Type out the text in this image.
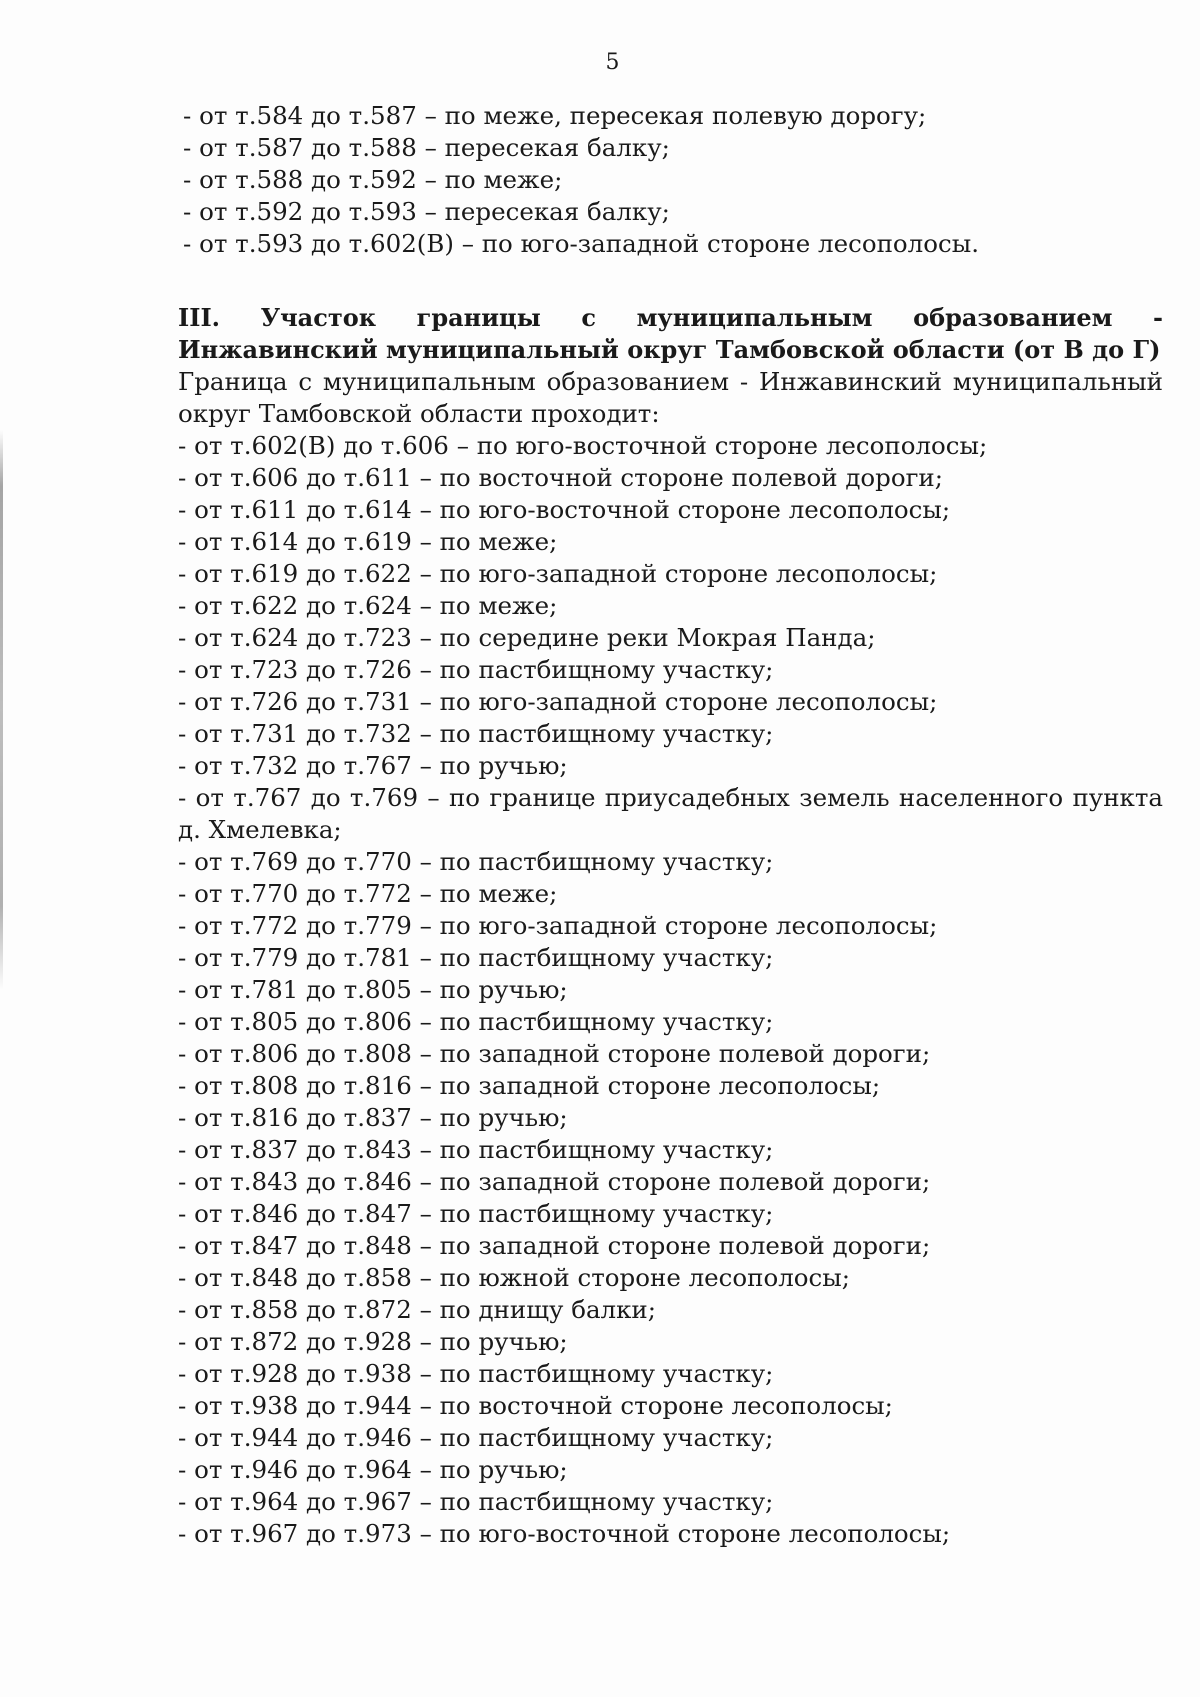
5
- от т.584 до т.587 – по меже, пересекая полевую дорогу;
- от т.587 до т.588 – пересекая балку;
- от т.588 до т.592 – по меже;
- от т.592 до т.593 – пересекая балку;
- от т.593 до т.602(В) – по юго-западной стороне лесополосы.
III. Участок границы с муниципальным образованием - Инжавинский муниципальный округ Тамбовской области (от В до Г)
Граница с муниципальным образованием - Инжавинский муниципальный округ Тамбовской области проходит:
- от т.602(В) до т.606 – по юго-восточной стороне лесополосы;
- от т.606 до т.611 – по восточной стороне полевой дороги;
- от т.611 до т.614 – по юго-восточной стороне лесополосы;
- от т.614 до т.619 – по меже;
- от т.619 до т.622 – по юго-западной стороне лесополосы;
- от т.622 до т.624 – по меже;
- от т.624 до т.723 – по середине реки Мокрая Панда;
- от т.723 до т.726 – по пастбищному участку;
- от т.726 до т.731 – по юго-западной стороне лесополосы;
- от т.731 до т.732 – по пастбищному участку;
- от т.732 до т.767 – по ручью;
- от т.767 до т.769 – по границе приусадебных земель населенного пункта д. Хмелевка;
- от т.769 до т.770 – по пастбищному участку;
- от т.770 до т.772 – по меже;
- от т.772 до т.779 – по юго-западной стороне лесополосы;
- от т.779 до т.781 – по пастбищному участку;
- от т.781 до т.805 – по ручью;
- от т.805 до т.806 – по пастбищному участку;
- от т.806 до т.808 – по западной стороне полевой дороги;
- от т.808 до т.816 – по западной стороне лесополосы;
- от т.816 до т.837 – по ручью;
- от т.837 до т.843 – по пастбищному участку;
- от т.843 до т.846 – по западной стороне полевой дороги;
- от т.846 до т.847 – по пастбищному участку;
- от т.847 до т.848 – по западной стороне полевой дороги;
- от т.848 до т.858 – по южной стороне лесополосы;
- от т.858 до т.872 – по днищу балки;
- от т.872 до т.928 – по ручью;
- от т.928 до т.938 – по пастбищному участку;
- от т.938 до т.944 – по восточной стороне лесополосы;
- от т.944 до т.946 – по пастбищному участку;
- от т.946 до т.964 – по ручью;
- от т.964 до т.967 – по пастбищному участку;
- от т.967 до т.973 – по юго-восточной стороне лесополосы;
